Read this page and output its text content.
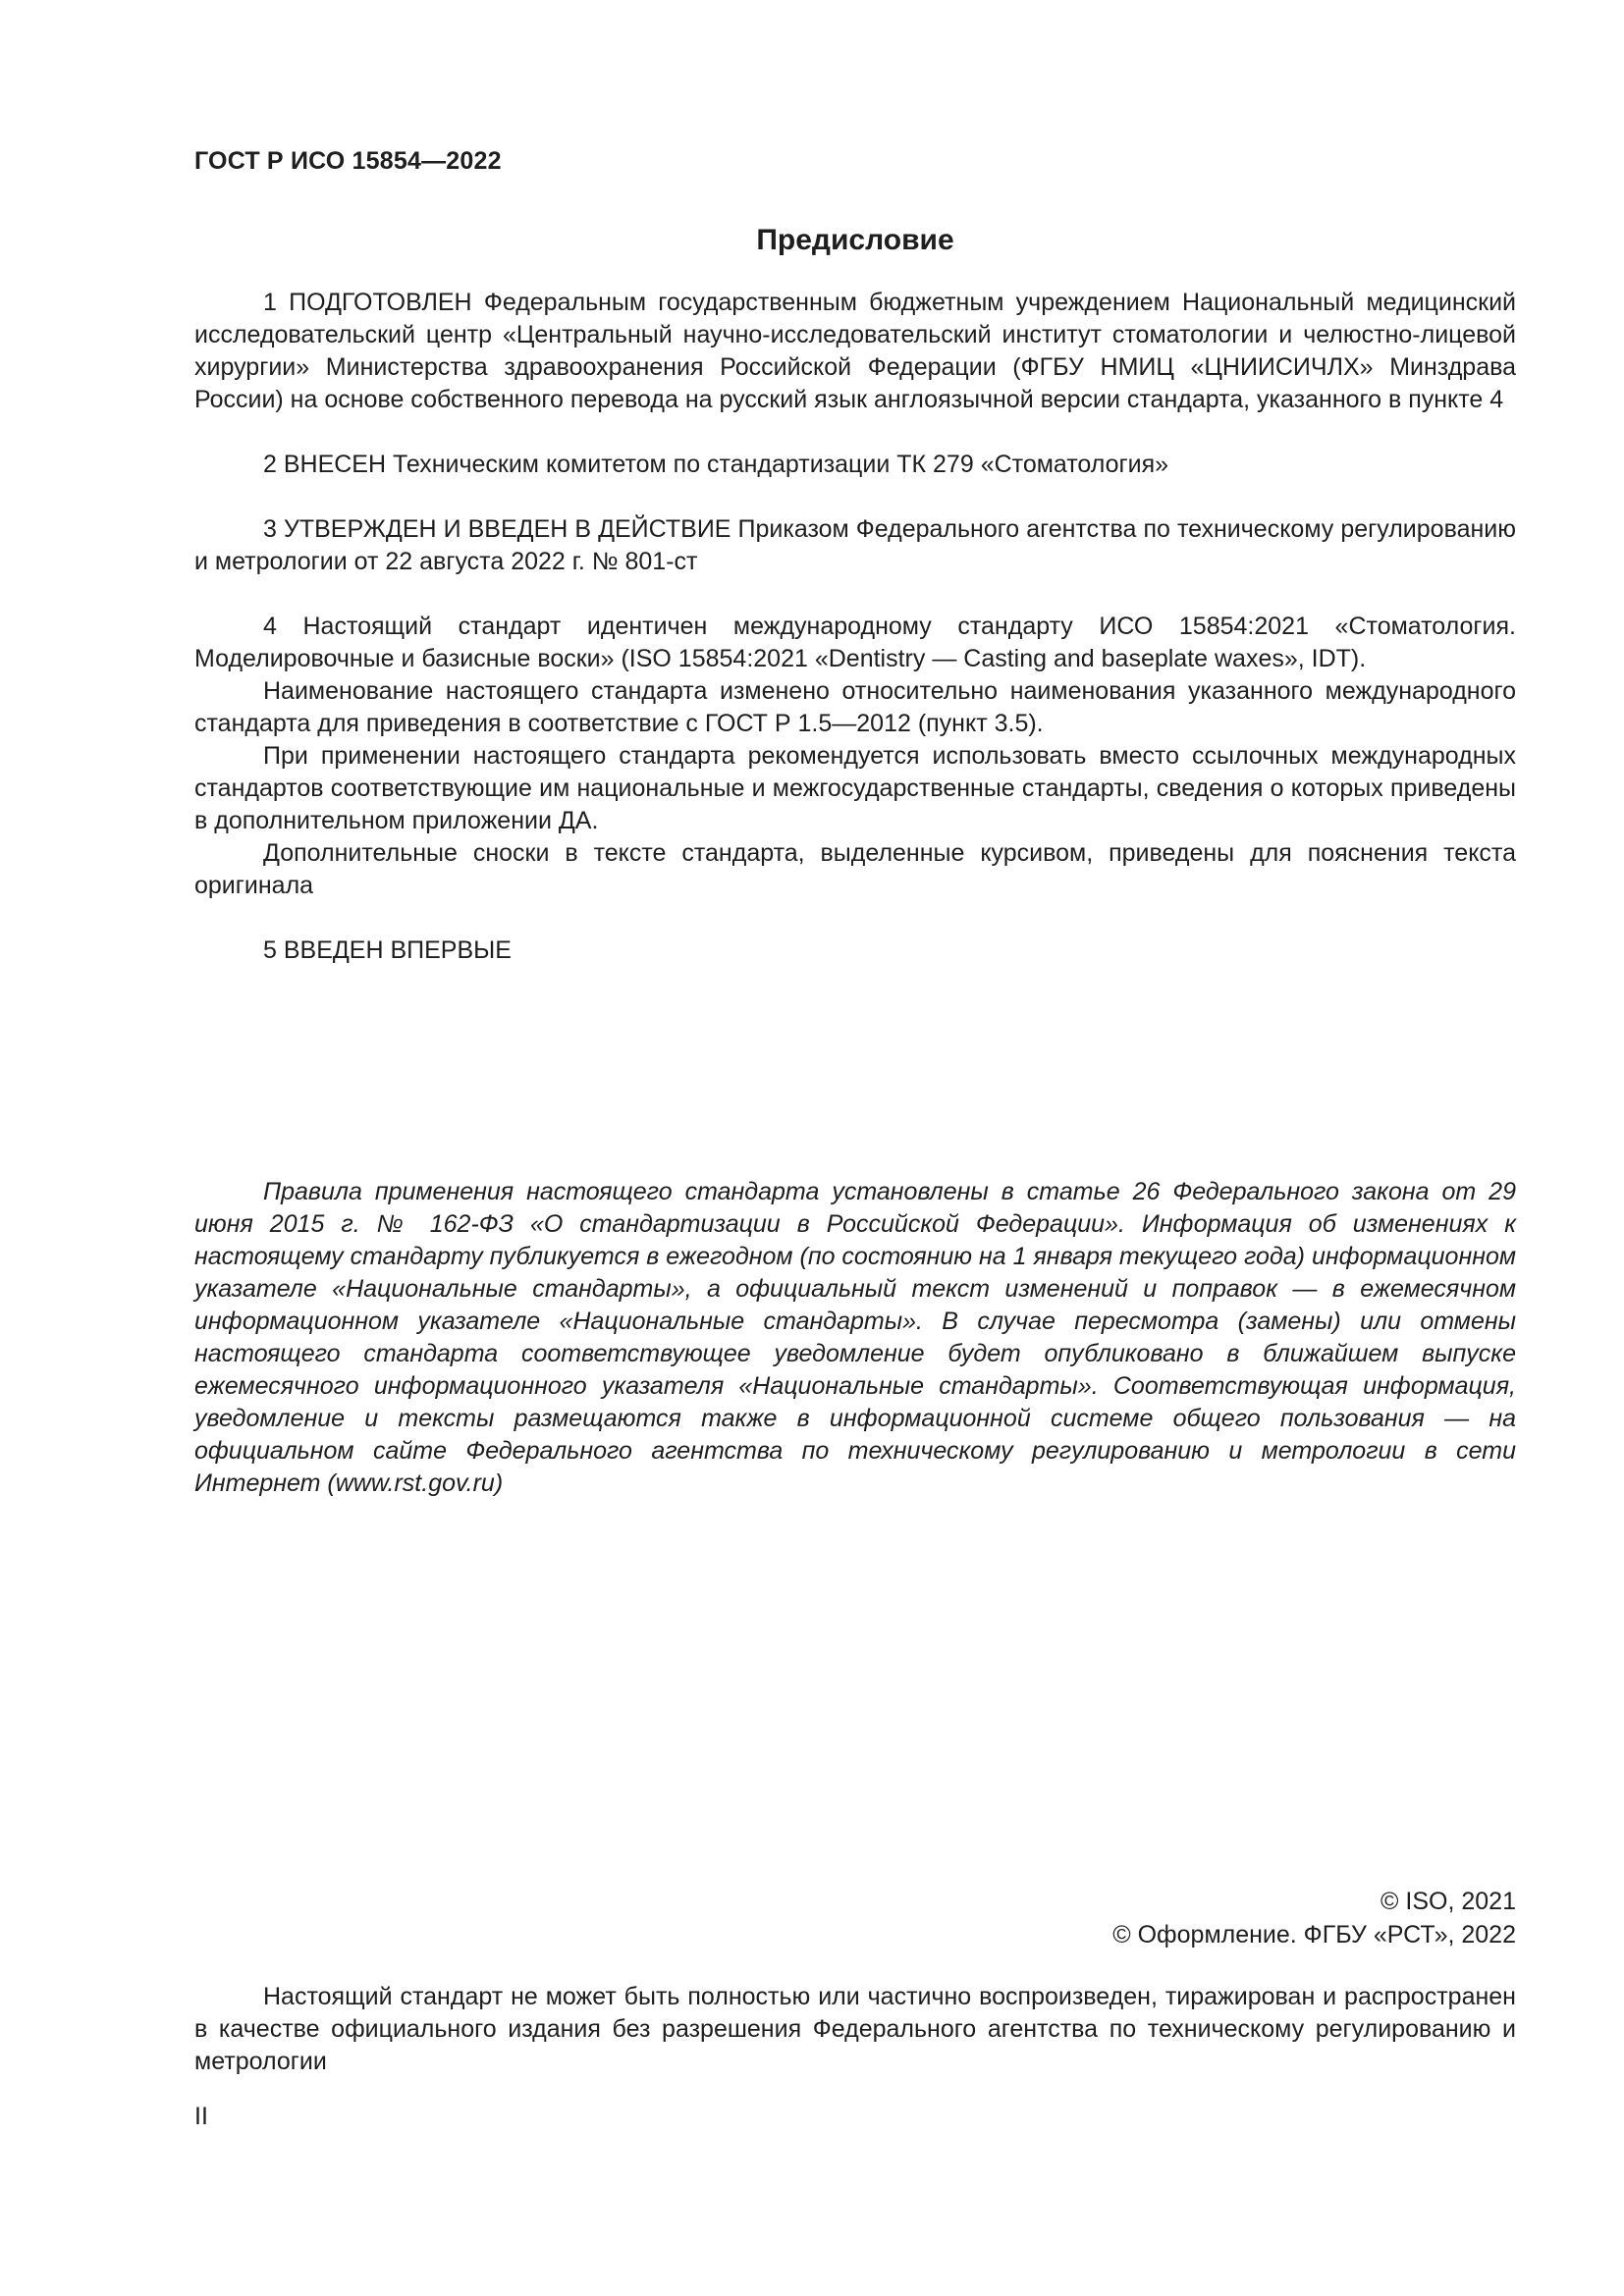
ГОСТ Р ИСО 15854—2022
Предисловие

1 ПОДГОТОВЛЕН Федеральным государственным бюджетным учреждением Национальный медицинский исследовательский центр «Центральный научно-исследовательский институт стоматологии и челюстно-лицевой хирургии» Министерства здравоохранения Российской Федерации (ФГБУ НМИЦ «ЦНИИСИЧЛХ» Минздрава России) на основе собственного перевода на русский язык англоязычной версии стандарта, указанного в пункте 4

2 ВНЕСЕН Техническим комитетом по стандартизации ТК 279 «Стоматология»

3 УТВЕРЖДЕН И ВВЕДЕН В ДЕЙСТВИЕ Приказом Федерального агентства по техническому регулированию и метрологии от 22 августа 2022 г. № 801-ст

4 Настоящий стандарт идентичен международному стандарту ИСО 15854:2021 «Стоматология. Моделировочные и базисные воски» (ISO 15854:2021 «Dentistry — Casting and baseplate waxes», IDT).

Наименование настоящего стандарта изменено относительно наименования указанного международного стандарта для приведения в соответствие с ГОСТ Р 1.5—2012 (пункт 3.5).

При применении настоящего стандарта рекомендуется использовать вместо ссылочных международных стандартов соответствующие им национальные и межгосударственные стандарты, сведения о которых приведены в дополнительном приложении ДА.

Дополнительные сноски в тексте стандарта, выделенные курсивом, приведены для пояснения текста оригинала

5 ВВЕДЕН ВПЕРВЫЕ

Правила применения настоящего стандарта установлены в статье 26 Федерального закона от 29 июня 2015 г. № 162-ФЗ «О стандартизации в Российской Федерации». Информация об изменениях к настоящему стандарту публикуется в ежегодном (по состоянию на 1 января текущего года) информационном указателе «Национальные стандарты», а официальный текст изменений и поправок — в ежемесячном информационном указателе «Национальные стандарты». В случае пересмотра (замены) или отмены настоящего стандарта соответствующее уведомление будет опубликовано в ближайшем выпуске ежемесячного информационного указателя «Национальные стандарты». Соответствующая информация, уведомление и тексты размещаются также в информационной системе общего пользования — на официальном сайте Федерального агентства по техническому регулированию и метрологии в сети Интернет (www.rst.gov.ru)

© ISO, 2021
© Оформление. ФГБУ «РСТ», 2022

Настоящий стандарт не может быть полностью или частично воспроизведен, тиражирован и распространен в качестве официального издания без разрешения Федерального агентства по техническому регулированию и метрологии

II
